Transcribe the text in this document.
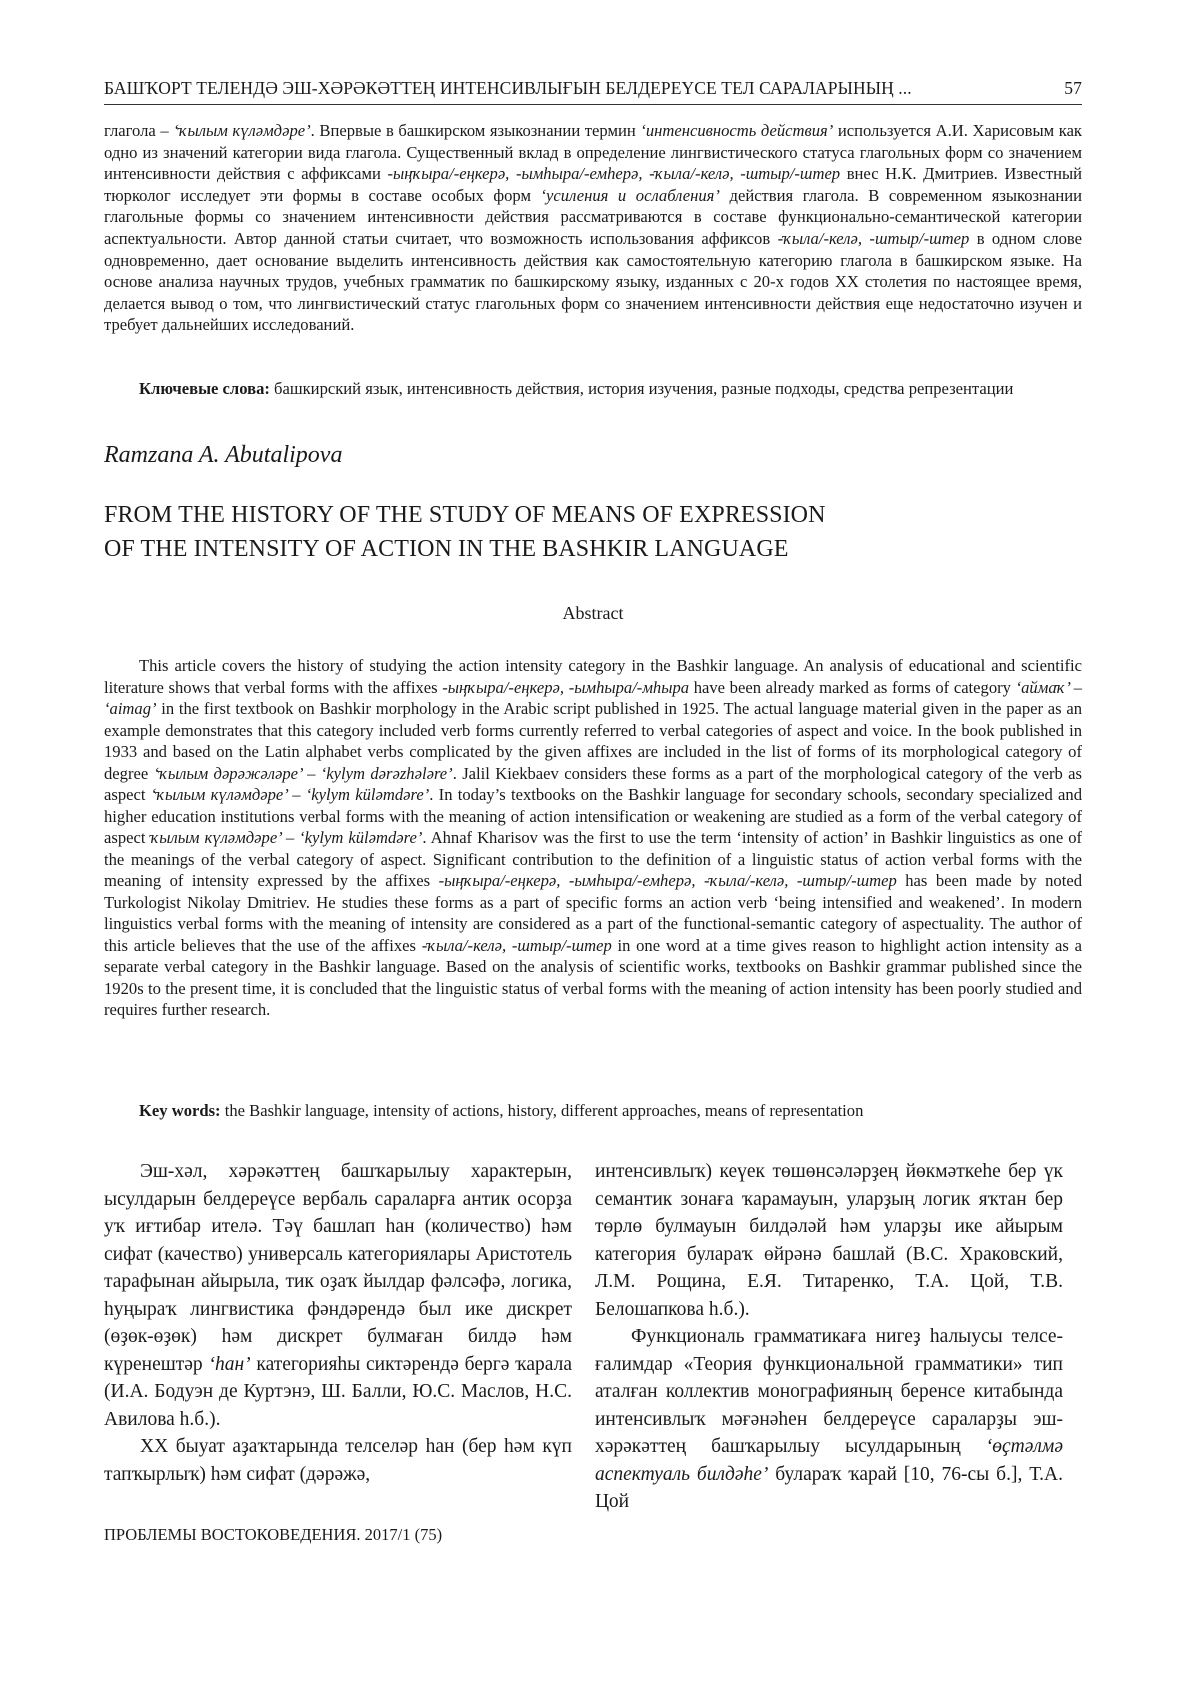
БАШҠОРТ ТЕЛЕНДӘ ЭШ-ХӘРӘКӘТТЕҢ ИНТЕНСИВЛЫҒЫН БЕЛДЕРЕҮСЕ ТЕЛ САРАЛАРЫНЫҢ ...	57
глагола – ‘ҡылым күләмдәре’. Впервые в башкирском языкознании термин ‘интенсивность действия’ используется А.И. Харисовым как одно из значений категории вида глагола. Существенный вклад в определение лингвистического статуса глагольных форм со значением интенсивности действия с аффиксами -ыңҡыра/-еңкерә, -ымһыра/-емһерә, -ҡыла/-келә, -штыр/-штер внес Н.К. Дмитриев. Известный тюрколог исследует эти формы в составе особых форм ‘усиления и ослабления’ действия глагола. В современном языкознании глагольные формы со значением интенсивности действия рассматриваются в составе функционально-семантической категории аспектуальности. Автор данной статьи считает, что возможность использования аффиксов -ҡыла/-келә, -штыр/-штер в одном слове одновременно, дает основание выделить интенсивность действия как самостоятельную категорию глагола в башкирском языке. На основе анализа научных трудов, учебных грамматик по башкирскому языку, изданных с 20-х годов XX столетия по настоящее время, делается вывод о том, что лингвистический статус глагольных форм со значением интенсивности действия еще недостаточно изучен и требует дальнейших исследований.
Ключевые слова: башкирский язык, интенсивность действия, история изучения, разные подходы, средства репрезентации
Ramzana A. Abutalipova
FROM THE HISTORY OF THE STUDY OF MEANS OF EXPRESSION
OF THE INTENSITY OF ACTION IN THE BASHKIR LANGUAGE
Abstract
This article covers the history of studying the action intensity category in the Bashkir language. An analysis of educational and scientific literature shows that verbal forms with the affixes -ыңҡыра/-еңкерә, -ымһыра/-мһыра have been already marked as forms of category ‘аймаҡ’ – ‘aimag’ in the first textbook on Bashkir morphology in the Arabic script published in 1925. The actual language material given in the paper as an example demonstrates that this category included verb forms currently referred to verbal categories of aspect and voice. In the book published in 1933 and based on the Latin alphabet verbs complicated by the given affixes are included in the list of forms of its morphological category of degree ‘ҡылым дәрәжәләре’ – ‘kylym dәrәzhәlәre’. Jalil Kiekbaev considers these forms as a part of the morphological category of the verb as aspect ‘ҡылым күләмдәре’ – ‘kylym külәmdәre’. In today’s textbooks on the Bashkir language for secondary schools, secondary specialized and higher education institutions verbal forms with the meaning of action intensification or weakening are studied as a form of the verbal category of aspect ҡылым күләмдәре’ – ‘kylym külәmdәre’. Ahnaf Kharisov was the first to use the term ‘intensity of action’ in Bashkir linguistics as one of the meanings of the verbal category of aspect. Significant contribution to the definition of a linguistic status of action verbal forms with the meaning of intensity expressed by the affixes -ыңҡыра/-еңкерә, -ымһыра/-емһерә, -ҡыла/-келә, -штыр/-штер has been made by noted Turkologist Nikolay Dmitriev. He studies these forms as a part of specific forms an action verb ‘being intensified and weakened’. In modern linguistics verbal forms with the meaning of intensity are considered as a part of the functional-semantic category of aspectuality. The author of this article believes that the use of the affixes -ҡыла/-келә, -штыр/-штер in one word at a time gives reason to highlight action intensity as a separate verbal category in the Bashkir language. Based on the analysis of scientific works, textbooks on Bashkir grammar published since the 1920s to the present time, it is concluded that the linguistic status of verbal forms with the meaning of action intensity has been poorly studied and requires further research.
Key words: the Bashkir language, intensity of actions, history, different approaches, means of representation

Эш-хәл, хәрәкәттең башҡарылыу характерын, ысулдарын белдереүсе вербаль сараларға антик осорҙа уҡ иғтибар ителә. Тәү башлап һан (количество) һәм сифат (качество) универсаль категориялары Аристотель тарафынан айырыла, тик оҙаҡ йылдар фәлсәфә, логика, һуңыраҡ лингвистика фәндәрендә был ике дискрет (өҙөк-өҙөк) һәм дискрет булмаған билдә һәм күренештәр ‘һан’ категорияһы сиктәрендә бергә ҡарала (И.А. Бодуэн де Куртэнэ, Ш. Балли, Ю.С. Маслов, Н.С. Авилова һ.б.).

XX быуат аҙаҡтарында телселәр һан (бер һәм күп тапҡырлыҡ) һәм сифат (дәрәжә,

интенсивлыҡ) кеүек төшөнсәләрҙең йөкмәткеһе бер үк семантик зонаға ҡарамауын, уларҙың логик яҡтан бер төрлө булмауын билдәләй һәм уларҙы ике айырым категория булараҡ өйрәнә башлай (В.С. Храковский, Л.М. Рощина, Е.Я. Титаренко, Т.А. Цой, Т.В. Белошапкова һ.б.).

Функциональ грамматикаға нигеҙ һалыусы телсе-ғалимдар «Теория функциональной грамматики» тип аталған коллектив монографияның беренсе китабында интенсивлыҡ мәғәнәһен белдереүсе сараларҙы эш-хәрәкәттең башҡарылыу ысулдарының ‘өҫтәлмә аспектуаль билдәһе’ булараҡ ҡарай [10, 76-сы б.], Т.А. Цой

ПРОБЛЕМЫ ВОСТОКОВЕДЕНИЯ. 2017/1 (75)
